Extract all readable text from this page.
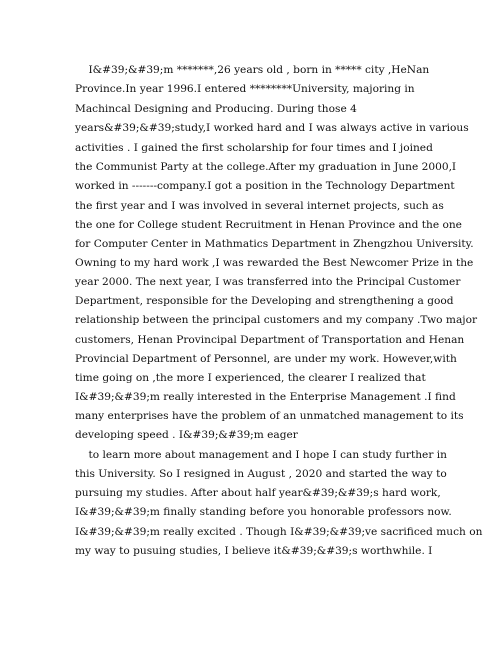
I&#39;&#39;m *******,26 years old , born in ***** city ,HeNan
Province.In year 1996.I entered ********University, majoring in
Machincal Designing and Producing. During those 4
years&#39;&#39;study,I worked hard and I was always active in various
activities . I gained the first scholarship for four times and I joined
the Communist Party at the college.After my graduation in June 2000,I
worked in -------company.I got a position in the Technology Department
the first year and I was involved in several internet projects, such as
the one for College student Recruitment in Henan Province and the one
for Computer Center in Mathmatics Department in Zhengzhou University.
Owning to my hard work ,I was rewarded the Best Newcomer Prize in the
year 2000. The next year, I was transferred into the Principal Customer
Department, responsible for the Developing and strengthening a good
relationship between the principal customers and my company .Two major
customers, Henan Provincipal Department of Transportation and Henan
Provincial Department of Personnel, are under my work. However,with
time going on ,the more I experienced, the clearer I realized that
I&#39;&#39;m really interested in the Enterprise Management .I find
many enterprises have the problem of an unmatched management to its
developing speed . I&#39;&#39;m eager
to learn more about management and I hope I can study further in
this University. So I resigned in August , 2020 and started the way to
pursuing my studies. After about half year&#39;&#39;s hard work,
I&#39;&#39;m finally standing before you honorable professors now.
I&#39;&#39;m really excited . Though I&#39;&#39;ve sacrificed much on
my way to pusuing studies, I believe it&#39;&#39;s worthwhile. I
